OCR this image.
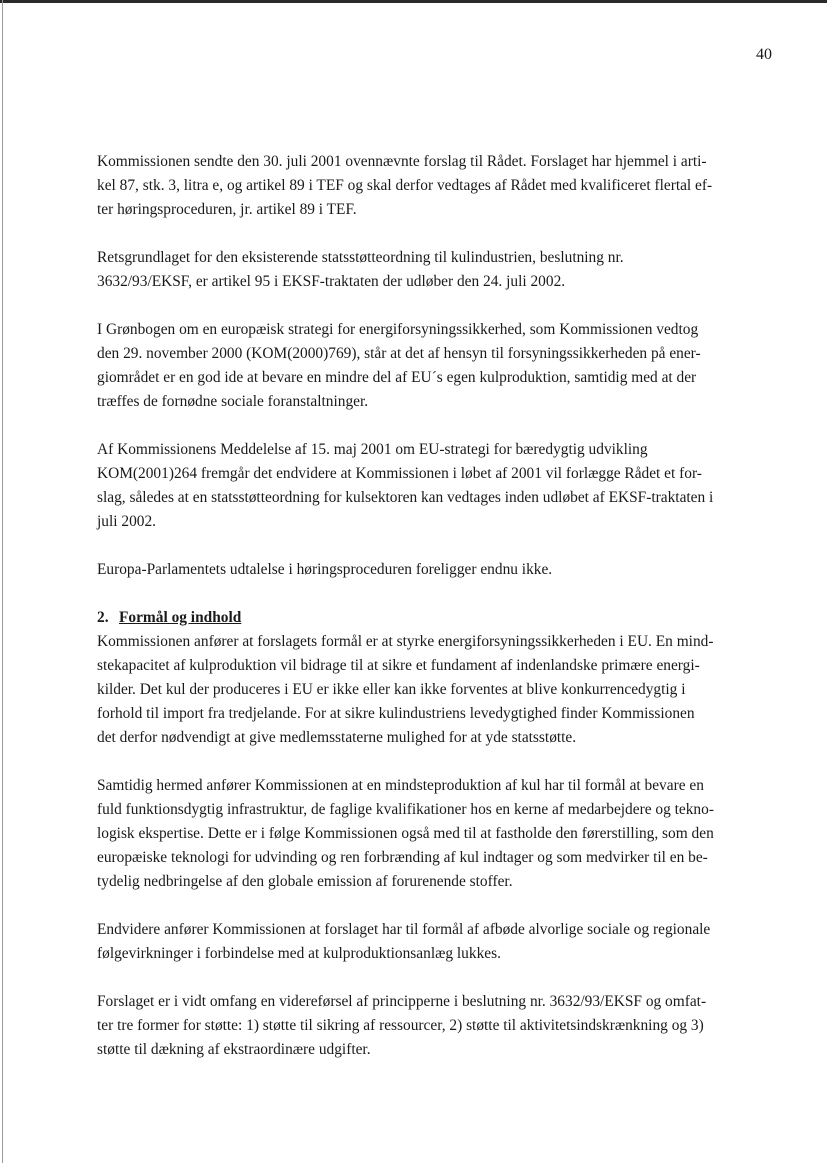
40

Kommissionen sendte den 30. juli 2001 ovennævnte forslag til Rådet. Forslaget har hjemmel i arti-
kel 87, stk. 3, litra e, og artikel 89 i TEF og skal derfor vedtages af Rådet med kvalificeret flertal ef-
ter høringsproceduren, jr. artikel 89 i TEF.

Retsgrundlaget for den eksisterende statsstøtteordning til kulindustrien, beslutning nr.
3632/93/EKSF, er artikel 95 i EKSF-traktaten der udløber den 24. juli 2002.

I Grønbogen om en europæisk strategi for energiforsyningssikkerhed, som Kommissionen vedtog
den 29. november 2000 (KOM(2000)769), står at det af hensyn til forsyningssikkerheden på ener-
giområdet er en god ide at bevare en mindre del af EU´s egen kulproduktion, samtidig med at der
træffes de fornødne sociale foranstaltninger.

Af Kommissionens Meddelelse af 15. maj 2001 om EU-strategi for bæredygtig udvikling
KOM(2001)264 fremgår det endvidere at Kommissionen i løbet af 2001 vil forlægge Rådet et for-
slag, således at en statsstøtteordning for kulsektoren kan vedtages inden udløbet af EKSF-traktaten i
juli 2002.

Europa-Parlamentets udtalelse i høringsproceduren foreligger endnu ikke.

2. Formål og indhold

Kommissionen anfører at forslagets formål er at styrke energiforsyningssikkerheden i EU. En mind-
stekapacitet af kulproduktion vil bidrage til at sikre et fundament af indenlandske primære energi-
kilder. Det kul der produceres i EU er ikke eller kan ikke forventes at blive konkurrencedygtig i
forhold til import fra tredjelande. For at sikre kulindustriens levedygtighed finder Kommissionen
det derfor nødvendigt at give medlemsstaterne mulighed for at yde statsstøtte.

Samtidig hermed anfører Kommissionen at en mindsteproduktion af kul har til formål at bevare en
fuld funktionsdygtig infrastruktur, de faglige kvalifikationer hos en kerne af medarbejdere og tekno-
logisk ekspertise. Dette er i følge Kommissionen også med til at fastholde den førerstilling, som den
europæiske teknologi for udvinding og ren forbrænding af kul indtager og som medvirker til en be-
tydelig nedbringelse af den globale emission af forurenende stoffer.

Endvidere anfører Kommissionen at forslaget har til formål af afbøde alvorlige sociale og regionale
følgevirkninger i forbindelse med at kulproduktionsanlæg lukkes.

Forslaget er i vidt omfang en videreførsel af principperne i beslutning nr. 3632/93/EKSF og omfat-
ter tre former for støtte: 1) støtte til sikring af ressourcer, 2) støtte til aktivitetsindskrænkning og 3)
støtte til dækning af ekstraordinære udgifter.
